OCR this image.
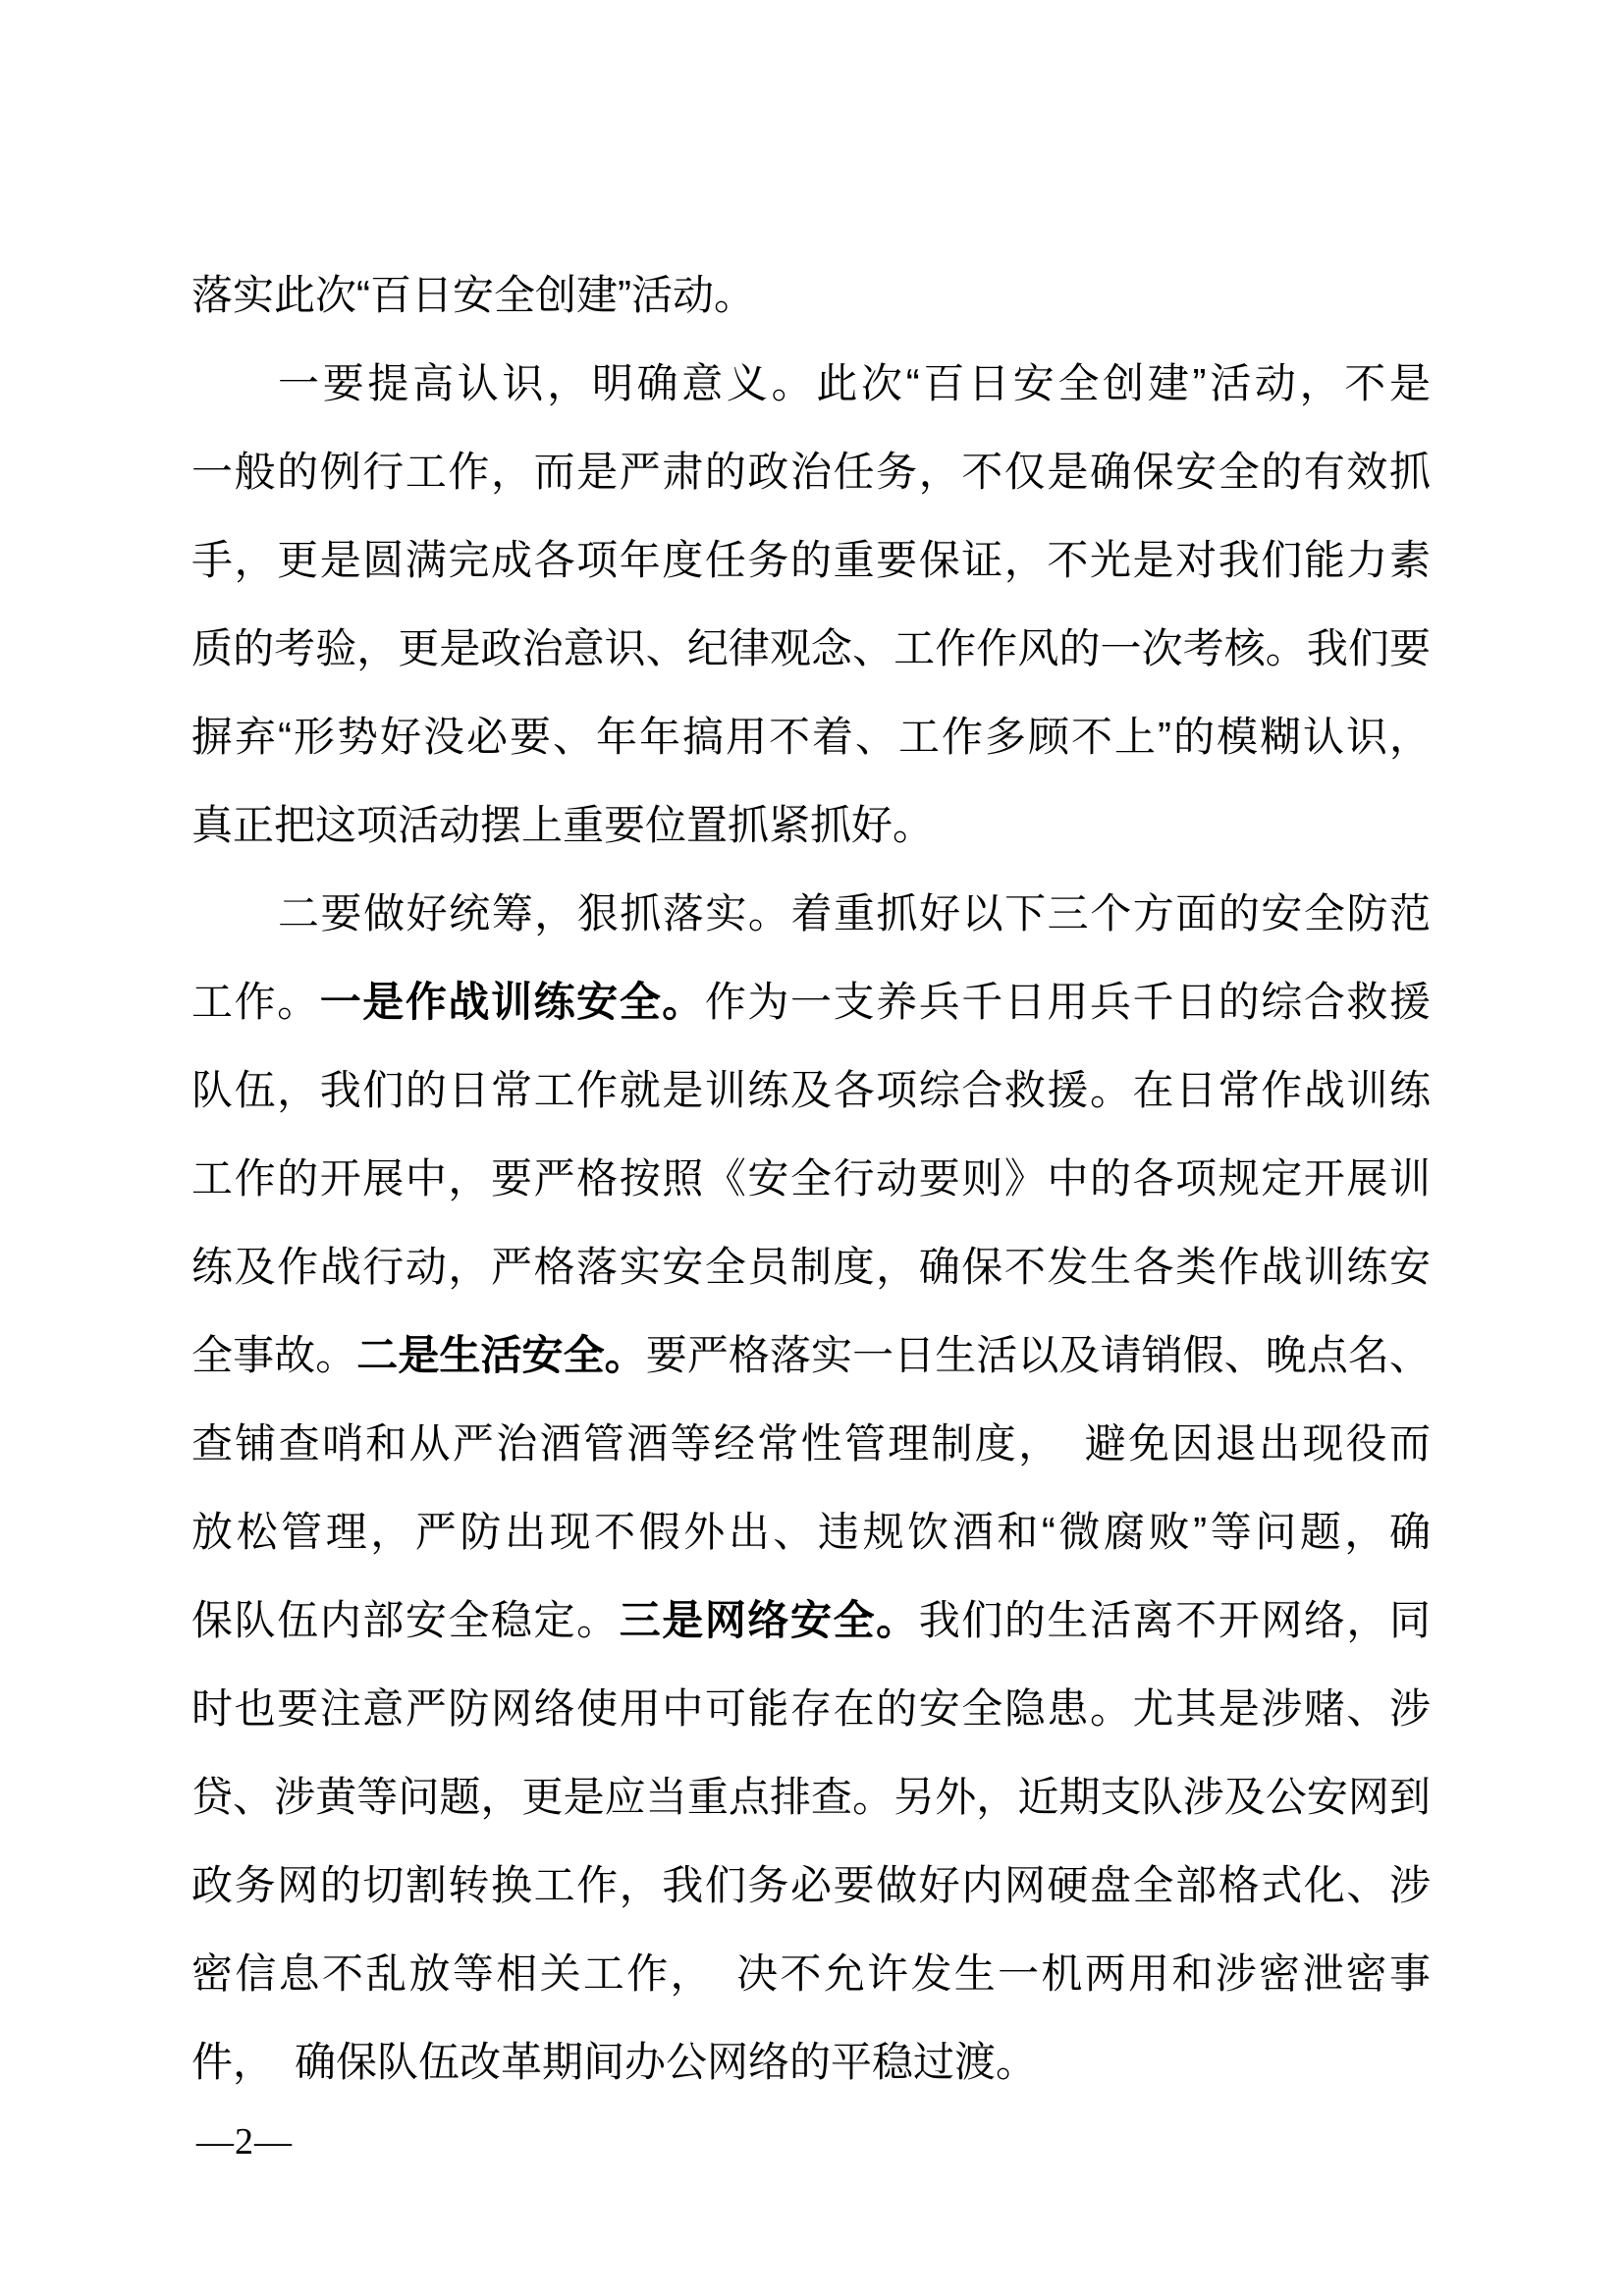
落实此次“百日安全创建”活动。
一要提高认识，明确意义。此次“百日安全创建”活动，不是
一般的例行工作，而是严肃的政治任务，不仅是确保安全的有效抓
手，更是圆满完成各项年度任务的重要保证，不光是对我们能力素
质的考验，更是政治意识、纪律观念、工作作风的一次考核。我们要
摒弃“形势好没必要、年年搞用不着、工作多顾不上”的模糊认识，
真正把这项活动摆上重要位置抓紧抓好。
二要做好统筹，狠抓落实。着重抓好以下三个方面的安全防范
工作。一是作战训练安全。作为一支养兵千日用兵千日的综合救援
队伍，我们的日常工作就是训练及各项综合救援。在日常作战训练
工作的开展中，要严格按照《安全行动要则》中的各项规定开展训
练及作战行动，严格落实安全员制度，确保不发生各类作战训练安
全事故。二是生活安全。要严格落实一日生活以及请销假、晚点名、
查铺查哨和从严治酒管酒等经常性管理制度，　避免因退出现役而
放松管理，严防出现不假外出、违规饮酒和“微腐败”等问题，确
保队伍内部安全稳定。三是网络安全。我们的生活离不开网络，同
时也要注意严防网络使用中可能存在的安全隐患。尤其是涉赌、涉
贷、涉黄等问题，更是应当重点排查。另外，近期支队涉及公安网到
政务网的切割转换工作，我们务必要做好内网硬盘全部格式化、涉
密信息不乱放等相关工作，　决不允许发生一机两用和涉密泄密事
件，　确保队伍改革期间办公网络的平稳过渡。
—2—
